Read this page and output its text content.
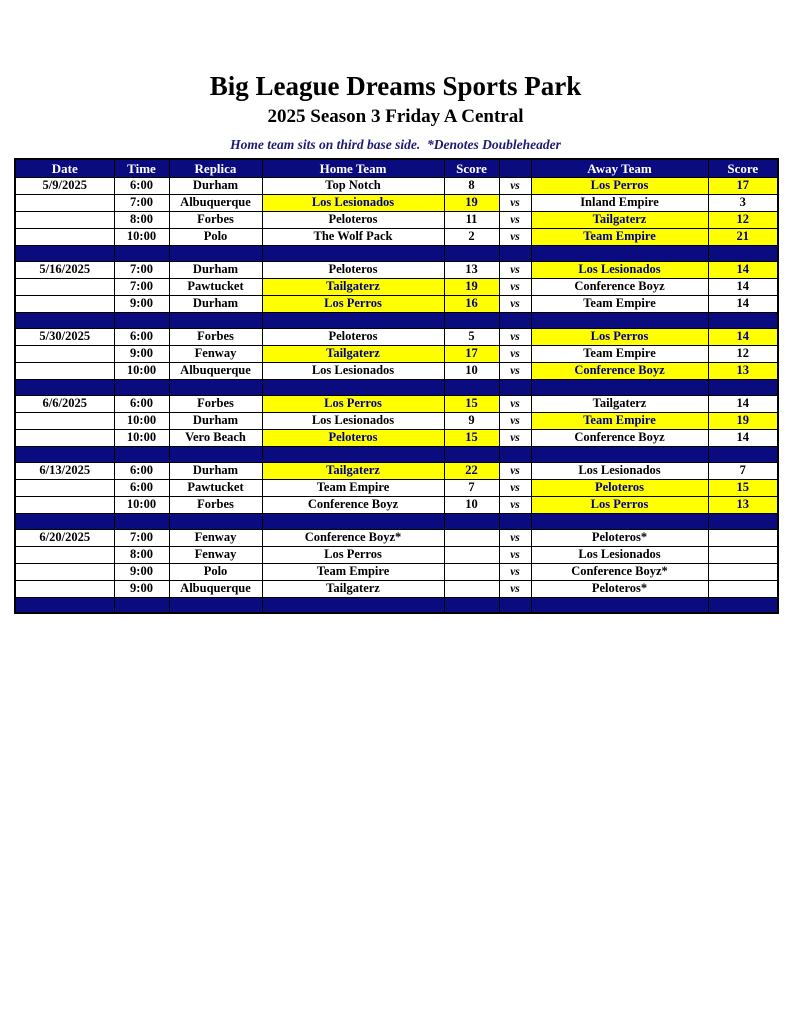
Big League Dreams Sports Park
2025 Season 3 Friday A Central
Home team sits on third base side.  *Denotes Doubleheader
Date	Time	Replica	Home Team	Score		Away Team	Score
5/9/2025	6:00	Durham	Top Notch	8	vs	Los Perros	17
	7:00	Albuquerque	Los Lesionados	19	vs	Inland Empire	3
	8:00	Forbes	Peloteros	11	vs	Tailgaterz	12
	10:00	Polo	The Wolf Pack	2	vs	Team Empire	21

5/16/2025	7:00	Durham	Peloteros	13	vs	Los Lesionados	14
	7:00	Pawtucket	Tailgaterz	19	vs	Conference Boyz	14
	9:00	Durham	Los Perros	16	vs	Team Empire	14

5/30/2025	6:00	Forbes	Peloteros	5	vs	Los Perros	14
	9:00	Fenway	Tailgaterz	17	vs	Team Empire	12
	10:00	Albuquerque	Los Lesionados	10	vs	Conference Boyz	13

6/6/2025	6:00	Forbes	Los Perros	15	vs	Tailgaterz	14
	10:00	Durham	Los Lesionados	9	vs	Team Empire	19
	10:00	Vero Beach	Peloteros	15	vs	Conference Boyz	14

6/13/2025	6:00	Durham	Tailgaterz	22	vs	Los Lesionados	7
	6:00	Pawtucket	Team Empire	7	vs	Peloteros	15
	10:00	Forbes	Conference Boyz	10	vs	Los Perros	13

6/20/2025	7:00	Fenway	Conference Boyz*		vs	Peloteros*	
	8:00	Fenway	Los Perros		vs	Los Lesionados	
	9:00	Polo	Team Empire		vs	Conference Boyz*	
	9:00	Albuquerque	Tailgaterz		vs	Peloteros*	
